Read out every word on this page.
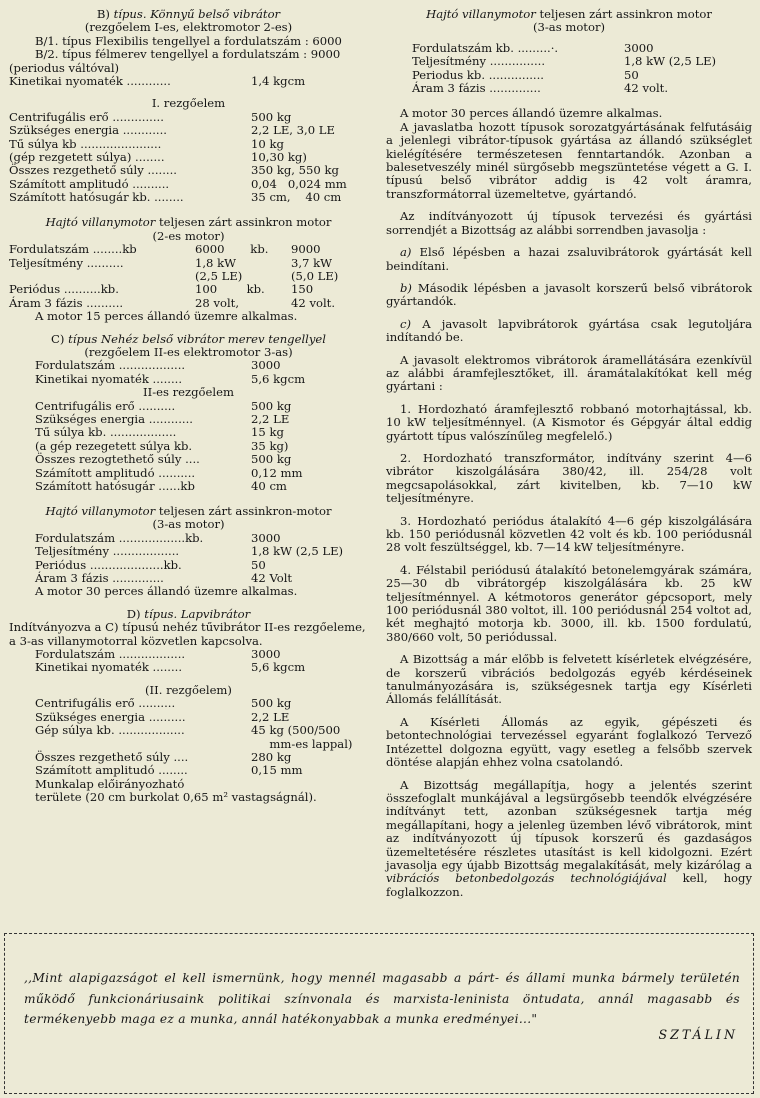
B) típus. Könnyű belső vibrátor

(rezgőelem I-es, elektromotor 2-es)

B/1. típus Flexibilis tengellyel a fordulatszám : 6000
B/2. típus félmerev tengellyel a fordulatszám : 9000
(periodus váltóval)
Kinetikai nyomaték ............	1,4 kgcm

I. rezgőelem

Centrifugális erő ..............	500 kg
Szükséges energia ............	2,2 LE, 3,0 LE
Tű súlya kb ......................	10 kg
(gép rezgetett súlya) ........	10,30 kg)
Összes rezgethető súly ........	350 kg, 550 kg
Számított amplitudó ..........	0,04   0,024 mm
Számított hatósugár kb. ........	35 cm,    40 cm

Hajtó villanymotor teljesen zárt assinkron motor

(2-es motor)

Fordulatszám ........kb	6000       kb.	9000
Teljesítmény ..........	1,8 kW	3,7 kW
(2,5 LE)	(5,0 LE)
Periódus ..........kb.	100        kb.	150
Áram 3 fázis ..........	28 volt,	42 volt.
A motor 15 perces állandó üzemre alkalmas.

C) típus Nehéz belső vibrátor merev tengellyel

(rezgőelem II-es elektromotor 3-as)

Fordulatszám ..................	3000
Kinetikai nyomaték ........	5,6 kgcm

II-es rezgőelem

Centrifugális erő ..........	500 kg
Szükséges energia ............	2,2 LE
Tű súlya kb. ..................	15 kg
(a gép rezegetett súlya kb.	35 kg)
Összes rezogtethető súly ....	500 kg
Számított amplitudó ..........	0,12 mm
Számított hatósugár ......kb	40 cm

Hajtó villanymotor teljesen zárt assinkron-motor

(3-as motor)

Fordulatszám ..................kb.	3000
Teljesítmény ..................	1,8 kW (2,5 LE)
Periódus ....................kb.	50
Áram 3 fázis ..............	42 Volt
A motor 30 perces állandó üzemre alkalmas.

D) típus. Lapvibrátor

Indítványozva a C) típusú nehéz tűvibrátor II-es rezgőeleme, a 3-as villanymotorral közvetlen kapcsolva.

Fordulatszám ..................	3000
Kinetikai nyomaték ........	5,6 kgcm

(II. rezgőelem)

Centrifugális erő ..........	500 kg
Szükséges energia ..........	2,2 LE
Gép súlya kb. ..................	45 kg (500/500
mm-es lappal)
Összes rezgethető súly ....	280 kg
Számított amplitudó ........	0,15 mm
Munkalap előirányozható
területe (20 cm burkolat 0,65 m² vastagságnál).

Hajtó villanymotor teljesen zárt assinkron motor

(3-as motor)

Fordulatszám kb. .........·.	3000
Teljesítmény ...............	1,8 kW (2,5 LE)
Periodus kb. ...............	50
Áram 3 fázis ..............	42 volt.

A motor 30 perces állandó üzemre alkalmas.

A javaslatba hozott típusok sorozatgyártásának felfutásáig a jelenlegi vibrátor-típusok gyártása az állandó szükséglet kielégítésére természetesen fenntartandók. Azonban a balesetveszély minél sürgősebb megszüntetése végett a G. I. típusú belső vibrátor addig is 42 volt áramra, transzformátorral üzemeltetve, gyártandó.

Az indítványozott új típusok tervezési és gyártási sorrendjét a Bizottság az alábbi sorrendben javasolja :

a) Első lépésben a hazai zsaluvibrátorok gyártását kell beindítani.

b) Második lépésben a javasolt korszerű belső vibrátorok gyártandók.

c) A javasolt lapvibrátorok gyártása csak legutoljára indítandó be.

A javasolt elektromos vibrátorok áramellátására ezenkívül az alábbi áramfejlesztőket, ill. áramátalakítókat kell még gyártani :

1. Hordozható áramfejlesztő robbanó motorhajtással, kb. 10 kW teljesítménnyel. (A Kismotor és Gépgyár által eddig gyártott típus valószínűleg megfelelő.)

2. Hordozható transzformátor, indítvány szerint 4—6 vibrátor kiszolgálására 380/42, ill. 254/28 volt megcsapolásokkal, zárt kivitelben, kb. 7—10 kW teljesítményre.

3. Hordozható periódus átalakító 4—6 gép kiszolgálására kb. 150 periódusnál közvetlen 42 volt és kb. 100 periódusnál 28 volt feszültséggel, kb. 7—14 kW teljesítményre.

4. Félstabil periódusú átalakító betonelemgyárak számára, 25—30 db vibrátorgép kiszolgálására kb. 25 kW teljesítménnyel. A kétmotoros generátor gépcsoport, mely 100 periódusnál 380 voltot, ill. 100 periódusnál 254 voltot ad, két meghajtó motorja kb. 3000, ill. kb. 1500 fordulatú, 380/660 volt, 50 periódussal.

A Bizottság a már előbb is felvetett kísérletek elvégzésére, de korszerű vibrációs bedolgozás egyéb kérdéseinek tanulmányozására is, szükségesnek tartja egy Kísérleti Állomás felállítását.

A Kísérleti Állomás az egyik, gépészeti és betontechnológiai tervezéssel egyaránt foglalkozó Tervező Intézettel dolgozna együtt, vagy esetleg a felsőbb szervek döntése alapján ehhez volna csatolandó.

A Bizottság megállapítja, hogy a jelentés szerint összefoglalt munkájával a legsürgősebb teendők elvégzésére indítványt tett, azonban szükségesnek tartja még megállapítani, hogy a jelenleg üzemben lévő vibrátorok, mint az indítványozott új típusok korszerű és gazdaságos üzemeltetésére részletes utasítást is kell kidolgozni. Ezért javasolja egy újabb Bizottság megalakítását, mely kizárólag a vibrációs betonbedolgozás technológiájával kell, hogy foglalkozzon.

,,Mint alapigazságot el kell ismernünk, hogy mennél magasabb a párt- és állami munka bármely területén működő funkcionáriusaink politikai színvonala és marxista-leninista öntudata, annál magasabb és termékenyebb maga ez a munka, annál hatékonyabbak a munka eredményei..."
SZTÁLIN
